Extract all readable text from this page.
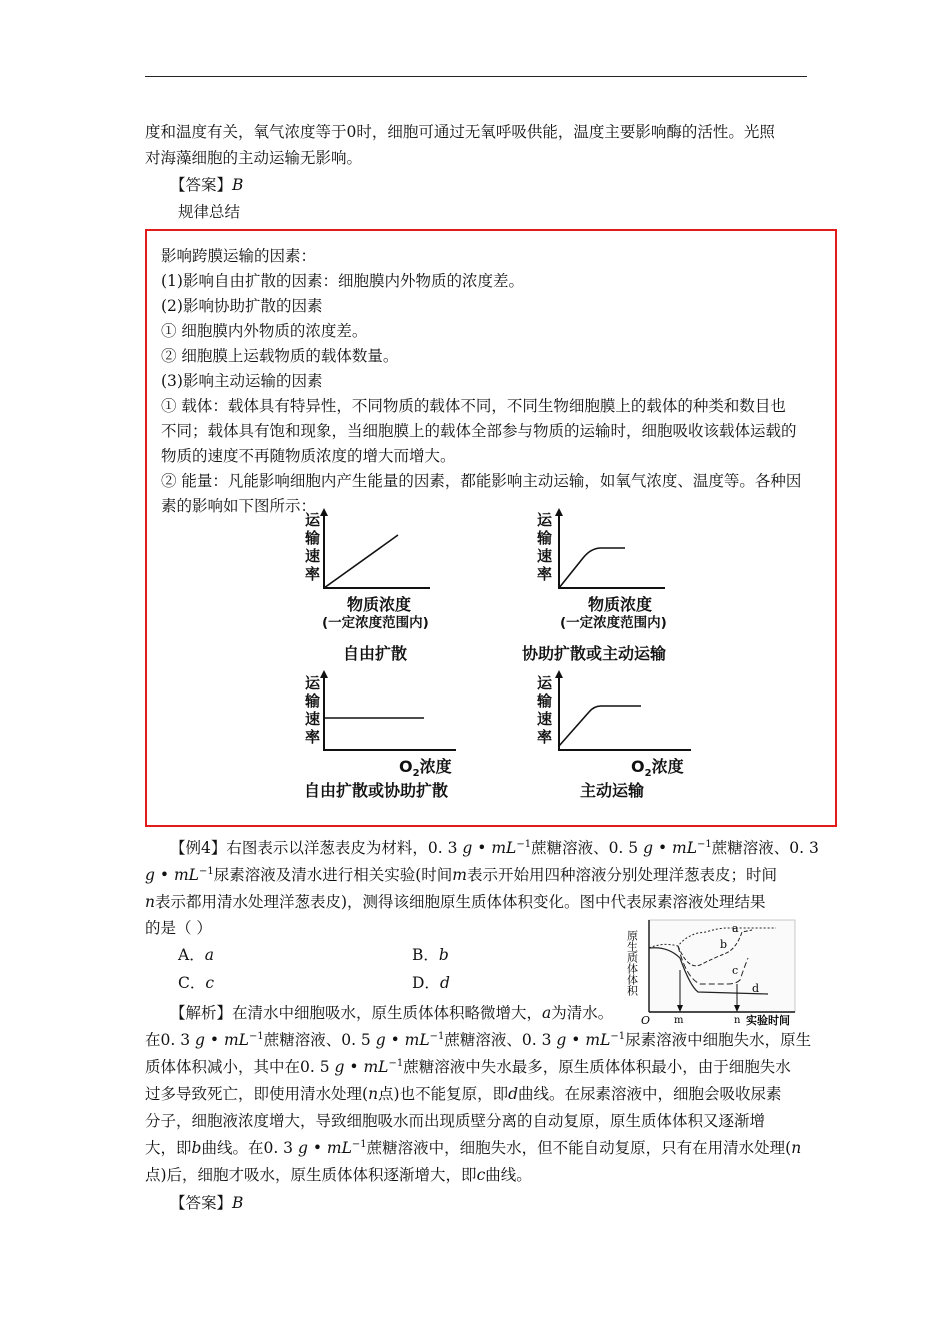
度和温度有关，氧气浓度等于0时，细胞可通过无氧呼吸供能，温度主要影响酶的活性。光照
对海藻细胞的主动运输无影响。
【答案】B
规律总结
影响跨膜运输的因素：
(1)影响自由扩散的因素：细胞膜内外物质的浓度差。
(2)影响协助扩散的因素
① 细胞膜内外物质的浓度差。
② 细胞膜上运载物质的载体数量。
(3)影响主动运输的因素
① 载体：载体具有特异性，不同物质的载体不同，不同生物细胞膜上的载体的种类和数目也
不同；载体具有饱和现象，当细胞膜上的载体全部参与物质的运输时，细胞吸收该载体运载的
物质的速度不再随物质浓度的增大而增大。
② 能量：凡能影响细胞内产生能量的因素，都能影响主动运输，如氧气浓度、温度等。各种因
素的影响如下图所示：
运
输
速
率
物质浓度
(一定浓度范围内)
自由扩散
运
输
速
率
物质浓度
(一定浓度范围内)
协助扩散或主动运输
运
输
速
率
$O_2$浓度
自由扩散或协助扩散
运
输
速
率
$O_2$浓度
主动运输
【例4】右图表示以洋葱表皮为材料，0. 3 g • $mL^{-1}$蔗糖溶液、0. 5 g • $mL^{-1}$蔗糖溶液、0. 3
g • $mL^{-1}$尿素溶液及清水进行相关实验(时间m表示开始用四种溶液分别处理洋葱表皮；时间
n表示都用清水处理洋葱表皮)，测得该细胞原生质体体积变化。图中代表尿素溶液处理结果
的是（ ）
A．a	B．b
C．c	D．d	原生质体体积
a
b
c
d
O m	n 实验时间
【解析】在清水中细胞吸水，原生质体体积略微增大，a为清水。
在0. 3 g • $mL^{-1}$蔗糖溶液、0. 5 g • $mL^{-1}$蔗糖溶液、0. 3 g • $mL^{-1}$尿素溶液中细胞失水，原生
质体体积减小，其中在0. 5 g • $mL^{-1}$蔗糖溶液中失水最多，原生质体体积最小，由于细胞失水
过多导致死亡，即使用清水处理(n点)也不能复原，即d曲线。在尿素溶液中，细胞会吸收尿素
分子，细胞液浓度增大，导致细胞吸水而出现质壁分离的自动复原，原生质体体积又逐渐增
大，即b曲线。在0. 3 g • $mL^{-1}$蔗糖溶液中，细胞失水，但不能自动复原，只有在用清水处理(n
点)后，细胞才吸水，原生质体体积逐渐增大，即c曲线。
【答案】B
